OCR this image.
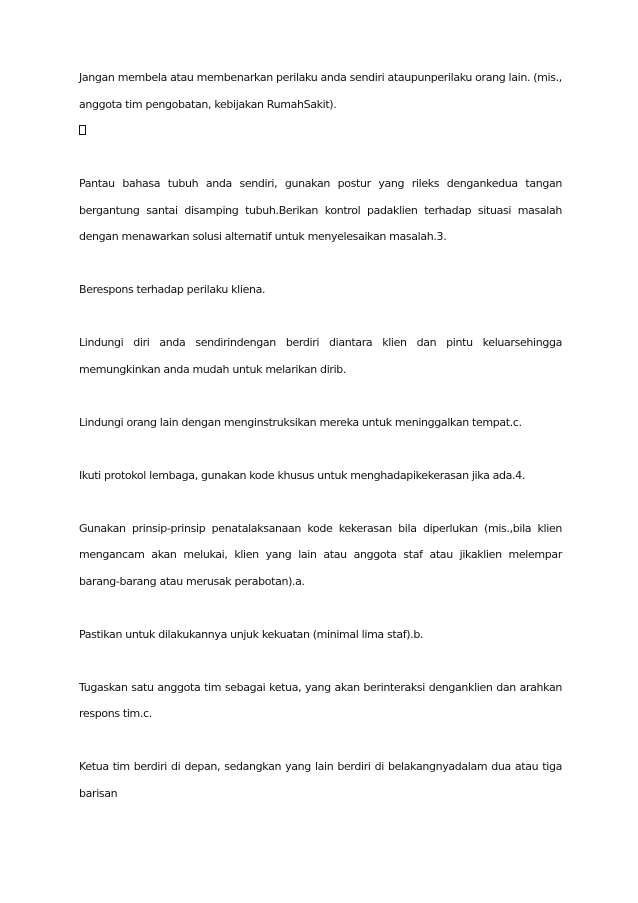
Jangan membela atau membenarkan perilaku anda sendiri ataupunperilaku orang lain. (mis., anggota tim pengobatan, kebijakan RumahSakit).

Pantau bahasa tubuh anda sendiri, gunakan postur yang rileks dengankedua tangan bergantung santai disamping tubuh.Berikan kontrol padaklien terhadap situasi masalah dengan menawarkan solusi alternatif untuk menyelesaikan masalah.3.

Berespons terhadap perilaku kliena.

Lindungi diri anda sendirindengan berdiri diantara klien dan pintu keluarsehingga memungkinkan anda mudah untuk melarikan dirib.

Lindungi orang lain dengan menginstruksikan mereka untuk meninggalkan tempat.c.

Ikuti protokol lembaga, gunakan kode khusus untuk menghadapikekerasan jika ada.4.

Gunakan prinsip-prinsip penatalaksanaan kode kekerasan bila diperlukan (mis.,bila klien mengancam akan melukai, klien yang lain atau anggota staf atau jikaklien melempar barang-barang atau merusak perabotan).a.

Pastikan untuk dilakukannya unjuk kekuatan (minimal lima staf).b.

Tugaskan satu anggota tim sebagai ketua, yang akan berinteraksi denganklien dan arahkan respons tim.c.

Ketua tim berdiri di depan, sedangkan yang lain berdiri di belakangnyadalam dua atau tiga barisan
